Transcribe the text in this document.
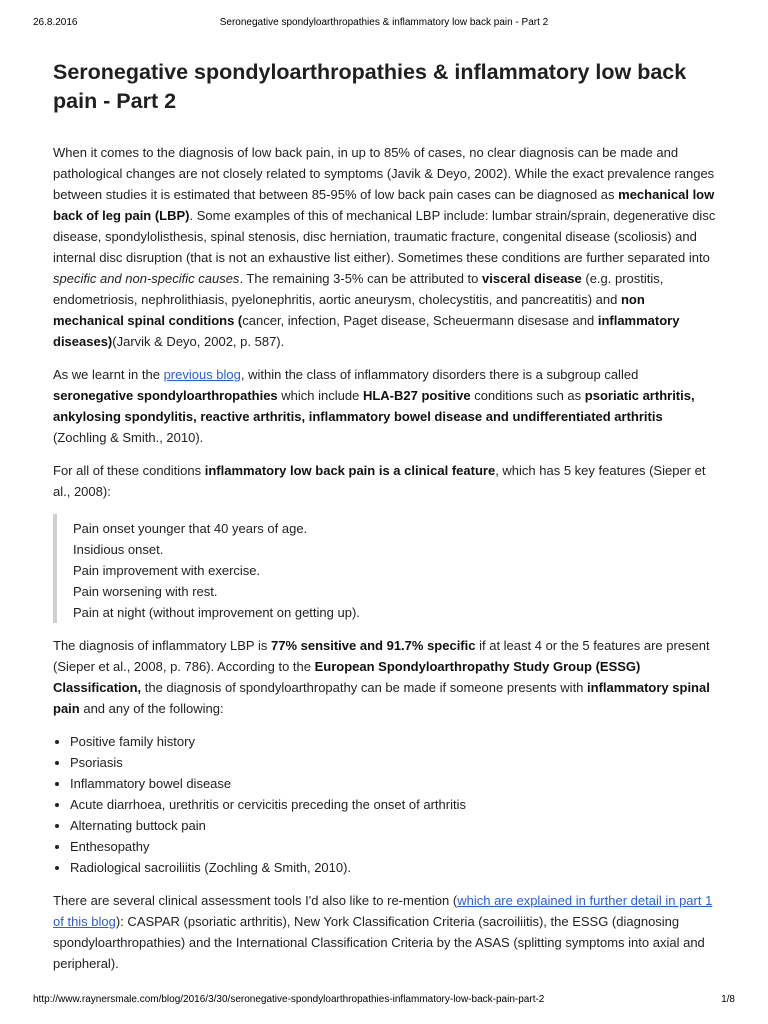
26.8.2016	Seronegative spondyloarthropathies & inflammatory low back pain - Part 2
Seronegative spondyloarthropathies & inflammatory low back pain - Part 2

When it comes to the diagnosis of low back pain, in up to 85% of cases, no clear diagnosis can be made and pathological changes are not closely related to symptoms (Javik & Deyo, 2002). While the exact prevalence ranges between studies it is estimated that between 85-95% of low back pain cases can be diagnosed as mechanical low back of leg pain (LBP). Some examples of this of mechanical LBP include: lumbar strain/sprain, degenerative disc disease, spondylolisthesis, spinal stenosis, disc herniation, traumatic fracture, congenital disease (scoliosis) and internal disc disruption (that is not an exhaustive list either). Sometimes these conditions are further separated into specific and non-specific causes. The remaining 3-5% can be attributed to visceral disease (e.g. prostitis, endometriosis, nephrolithiasis, pyelonephritis, aortic aneurysm, cholecystitis, and pancreatitis) and non mechanical spinal conditions (cancer, infection, Paget disease, Scheuermann disesase and inflammatory diseases)(Jarvik & Deyo, 2002, p. 587).

As we learnt in the previous blog, within the class of inflammatory disorders there is a subgroup called seronegative spondyloarthropathies which include HLA-B27 positive conditions such as psoriatic arthritis, ankylosing spondylitis, reactive arthritis, inflammatory bowel disease and undifferentiated arthritis (Zochling & Smith., 2010).

For all of these conditions inflammatory low back pain is a clinical feature, which has 5 key features (Sieper et al., 2008):

Pain onset younger that 40 years of age.
Insidious onset.
Pain improvement with exercise.
Pain worsening with rest.
Pain at night (without improvement on getting up).

The diagnosis of inflammatory LBP is 77% sensitive and 91.7% specific if at least 4 or the 5 features are present (Sieper et al., 2008, p. 786). According to the European Spondyloarthropathy Study Group (ESSG) Classification, the diagnosis of spondyloarthropathy can be made if someone presents with inflammatory spinal pain and any of the following:

• Positive family history
• Psoriasis
• Inflammatory bowel disease
• Acute diarrhoea, urethritis or cervicitis preceding the onset of arthritis
• Alternating buttock pain
• Enthesopathy
• Radiological sacroiliitis (Zochling & Smith, 2010).

There are several clinical assessment tools I'd also like to re-mention (which are explained in further detail in part 1 of this blog): CASPAR (psoriatic arthritis), New York Classification Criteria (sacroiliitis), the ESSG (diagnosing spondyloarthropathies) and the International Classification Criteria by the ASAS (splitting symptoms into axial and peripheral).

http://www.raynersmale.com/blog/2016/3/30/seronegative-spondyloarthropathies-inflammatory-low-back-pain-part-2	1/8
